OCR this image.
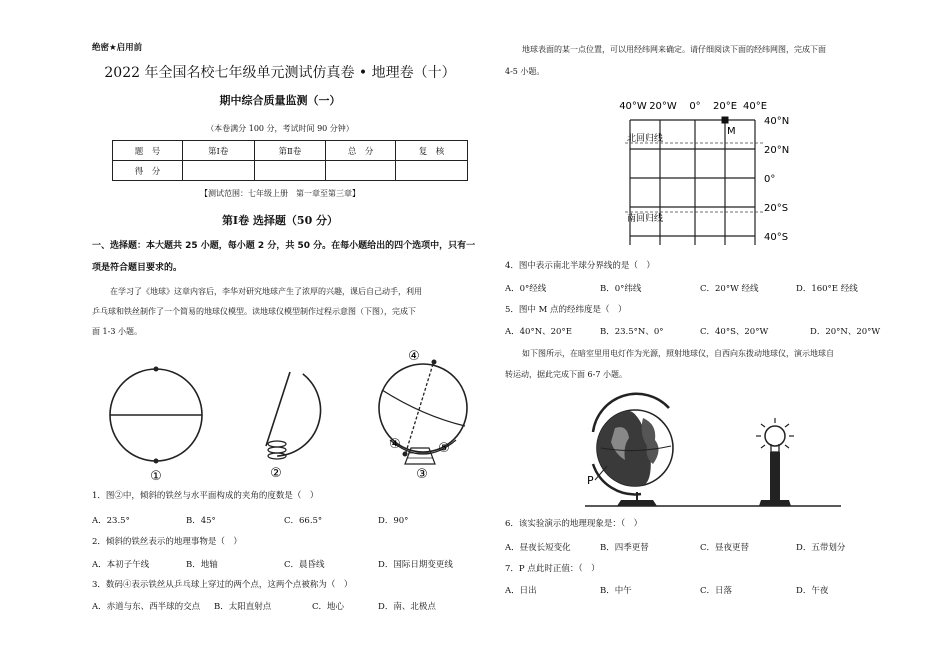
绝密★启用前
2022 年全国名校七年级单元测试仿真卷 • 地理卷（十）
期中综合质量监测（一）
（本卷满分 100 分，考试时间 90 分钟）
题　号	第Ⅰ卷	第Ⅱ卷	总　分	复　核
得　分				
【测试范围：七年级上册　第一章至第三章】
第Ⅰ卷 选择题（50 分）
一、选择题：本大题共 25 小题，每小题 2 分，共 50 分。在每小题给出的四个选项中，只有一
项是符合题目要求的。
在学习了《地球》这章内容后，李华对研究地球产生了浓厚的兴趣，课后自己动手，利用
乒乓球和铁丝制作了一个简易的地球仪模型。读地球仪模型制作过程示意图（下图），完成下
面 1-3 小题。
①	②
④
④	⑤
③
1．图②中，倾斜的铁丝与水平面构成的夹角的度数是（　）
A．23.5°	B．45°	C．66.5°	D．90°
2．倾斜的铁丝表示的地理事物是（　）
A．本初子午线	B．地轴	C．晨昏线	D．国际日期变更线
3．数码④表示铁丝从乒乓球上穿过的两个点，这两个点被称为（　）
A．赤道与东、西半球的交点 B．太阳直射点	C．地心	D．南、北极点
地球表面的某一点位置，可以用经纬网来确定。请仔细阅读下面的经纬网图，完成下面
4-5 小题。
40°W 20°W 0° 20°E 40°E
40°N
20°N
0°
20°S
40°S
北回归线
南回归线
M
4．图中表示南北半球分界线的是（　）
A．0°经线	B．0°纬线	C．20°W 经线	D．160°E 经线
5．图中 M 点的经纬度是（　）
A．40°N、20°E	B．23.5°N、0°	C．40°S、20°W	D．20°N、20°W
如下图所示，在暗室里用电灯作为光源，照射地球仪，自西向东拨动地球仪，演示地球自
转运动，据此完成下面 6-7 小题。
P
6．该实验演示的地理现象是：（　）
A．昼夜长短变化	B．四季更替	C．昼夜更替	D．五带划分
7．P 点此时正值：（　）
A．日出	B．中午	C．日落	D．午夜
